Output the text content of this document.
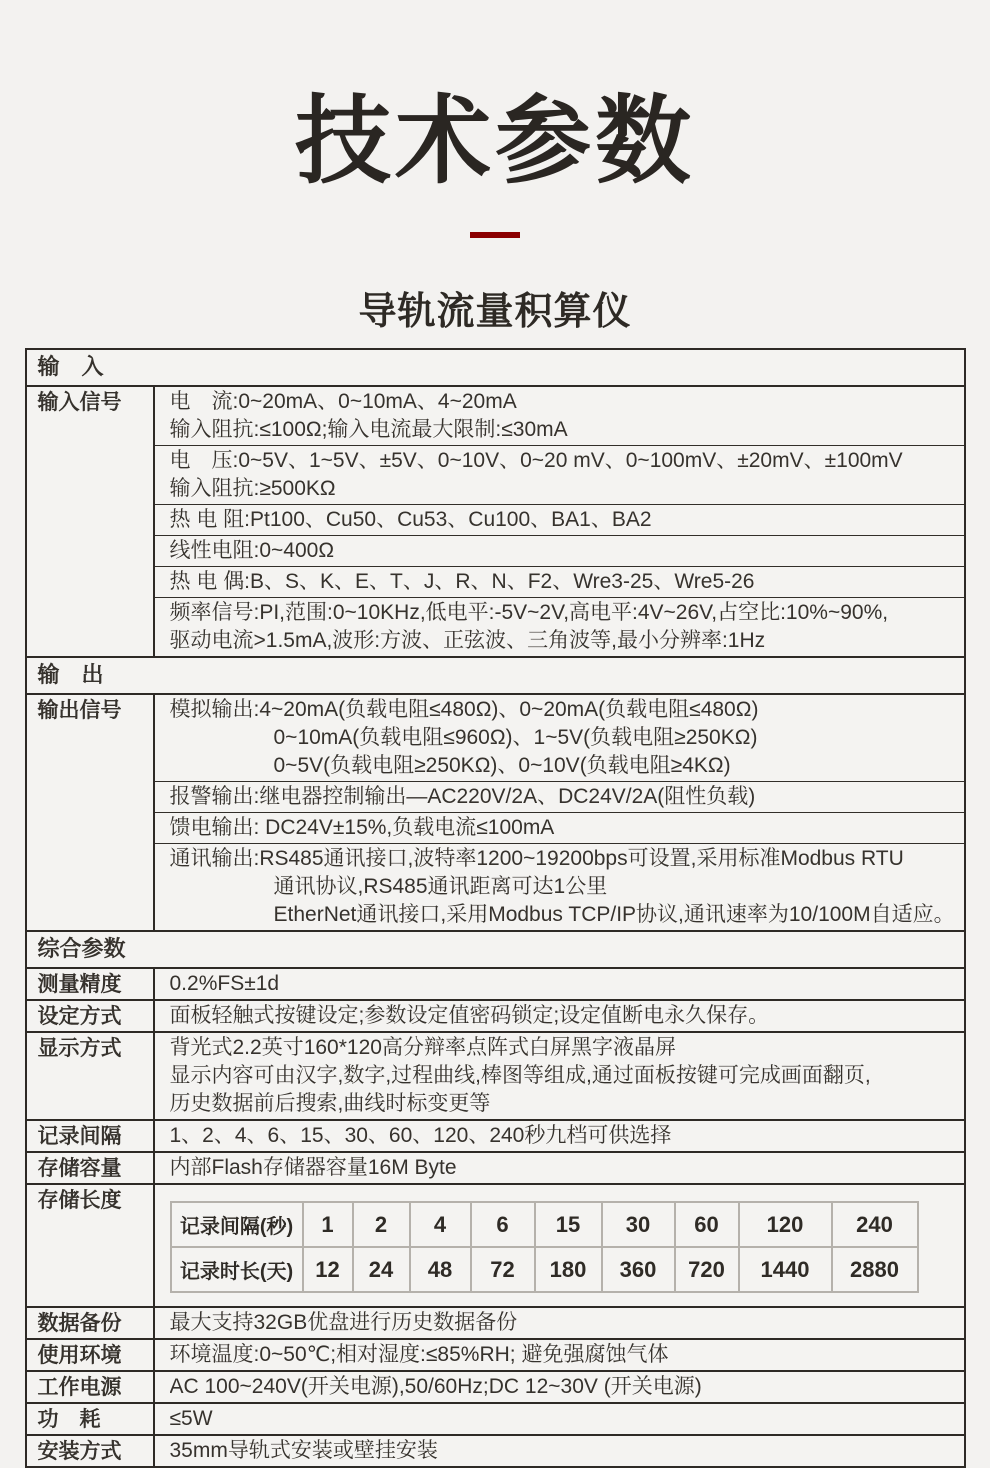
技术参数
导轨流量积算仪
输　入
输入信号	电　流:0~20mA、0~10mA、4~20mA
输入阻抗:≤100Ω;输入电流最大限制:≤30mA
电　压:0~5V、1~5V、±5V、0~10V、0~20 mV、0~100mV、±20mV、±100mV
输入阻抗:≥500KΩ
热 电 阻:Pt100、Cu50、Cu53、Cu100、BA1、BA2
线性电阻:0~400Ω
热 电 偶:B、S、K、E、T、J、R、N、F2、Wre3-25、Wre5-26
频率信号:PI,范围:0~10KHz,低电平:-5V~2V,高电平:4V~26V,占空比:10%~90%,
驱动电流>1.5mA,波形:方波、正弦波、三角波等,最小分辨率:1Hz
输　出
输出信号	模拟输出:4~20mA(负载电阻≤480Ω)、0~20mA(负载电阻≤480Ω)
0~10mA(负载电阻≤960Ω)、1~5V(负载电阻≥250KΩ)
0~5V(负载电阻≥250KΩ)、0~10V(负载电阻≥4KΩ)
报警输出:继电器控制输出—AC220V/2A、DC24V/2A(阻性负载)
馈电输出: DC24V±15%,负载电流≤100mA
通讯输出:RS485通讯接口,波特率1200~19200bps可设置,采用标准Modbus RTU
通讯协议,RS485通讯距离可达1公里
EtherNet通讯接口,采用Modbus TCP/IP协议,通讯速率为10/100M自适应。
综合参数
测量精度	0.2%FS±1d
设定方式	面板轻触式按键设定;参数设定值密码锁定;设定值断电永久保存。
显示方式	背光式2.2英寸160*120高分辩率点阵式白屏黑字液晶屏
显示内容可由汉字,数字,过程曲线,棒图等组成,通过面板按键可完成画面翻页,
历史数据前后搜索,曲线时标变更等
记录间隔	1、2、4、6、15、30、60、120、240秒九档可供选择
存储容量	内部Flash存储器容量16M Byte
存储长度
记录间隔(秒)	1	2	4	6	15	30	60	120	240
记录时长(天)	12	24	48	72	180	360	720	1440	2880
数据备份	最大支持32GB优盘进行历史数据备份
使用环境	环境温度:0~50℃;相对湿度:≤85%RH; 避免强腐蚀气体
工作电源	AC 100~240V(开关电源),50/60Hz;DC 12~30V (开关电源)
功　耗	≤5W
安装方式	35mm导轨式安装或壁挂安装
